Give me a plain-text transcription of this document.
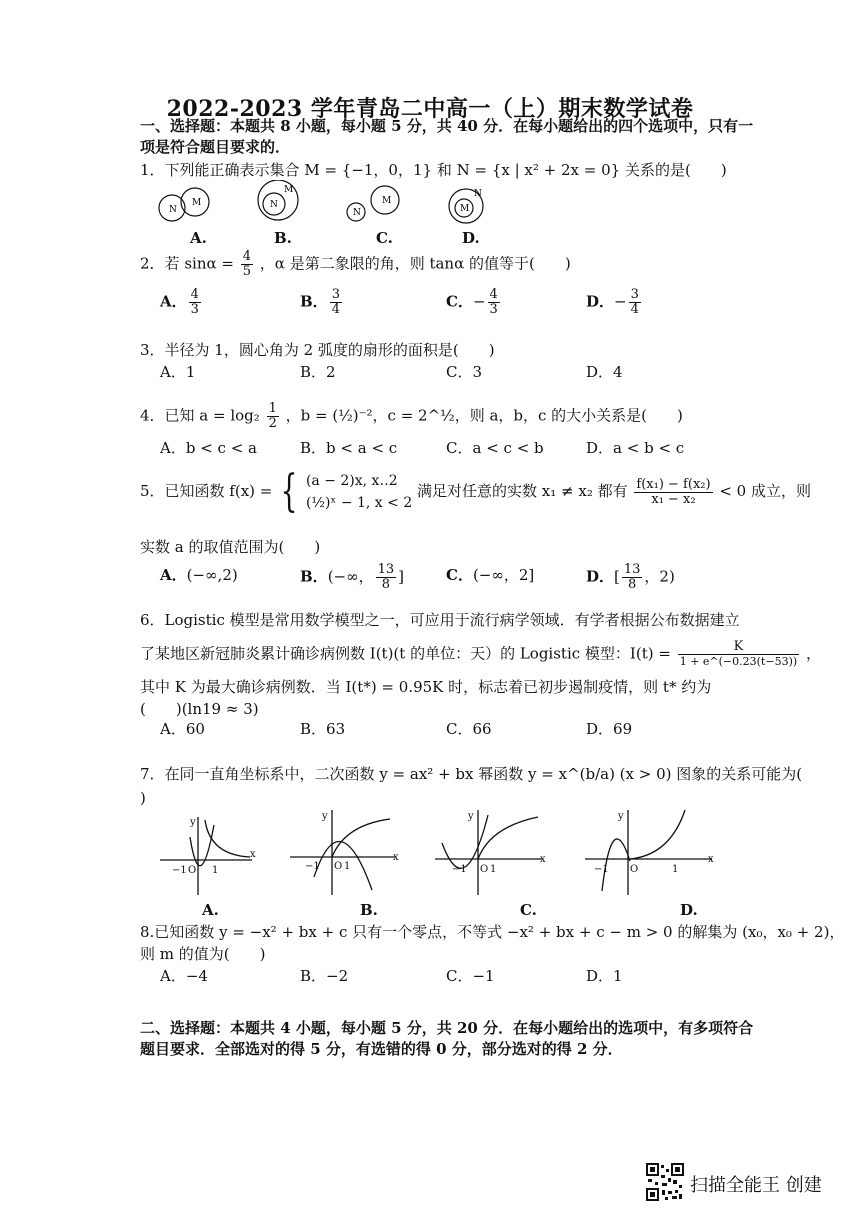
2022-2023 学年青岛二中高一（上）期末数学试卷
一、选择题：本题共 8 小题，每小题 5 分，共 40 分．在每小题给出的四个选项中，只有一
项是符合题目要求的．
1．下列能正确表示集合 M = {−1，0，1} 和 N = {x | x² + 2x = 0} 关系的是(　　)
N
M	N
M
N
M
M
N
A.	B.	C.	D.
2．若 $\sin\alpha = \frac{4}{5}$ ，α 是第二象限的角，则 tanα 的值等于(　　)
A． $\frac{4}{3}$	B． $\frac{3}{4}$	C．− $\frac{4}{3}$	D．− $\frac{3}{4}$
3．半径为 1，圆心角为 2 弧度的扇形的面积是(　　)
A．1	B．2	C．3	D．4
4．已知 $a = \log_2 \frac{1}{2}$ ，b = (½)⁻²，c = 2^½，则 a，b，c 的大小关系是(　　)
A．b < c < a	B．b < a < c	C．a < c < b	D．a < b < c
5．已知函数 f(x) = { (a − 2)x, x‥2
(½)ˣ − 1, x < 2
满足对任意的实数 x₁ ≠ x₂ 都有 $\frac{\text{f(x₁) − f(x₂)}}{\text{x₁ − x₂}} < 0$ 成立，则
实数 a 的取值范围为(　　)
A．(−∞,2)	B．(−∞， $\frac{13}{8}$ ]	C．(−∞，2]	D．[ $\frac{13}{8}$ ，2)
6．Logistic 模型是常用数学模型之一，可应用于流行病学领域．有学者根据公布数据建立
了某地区新冠肺炎累计确诊病例数 I(t)(t 的单位：天）的 Logistic 模型：$I(t) = \frac{K}{1 + e\^{}(-0.23(t-53))}$ ，
其中 K 为最大确诊病例数．当 I(t*) = 0.95K 时，标志着已初步遏制疫情，则 t* 约为
(　　)(ln19 ≈ 3)
A．60	B．63	C．66	D．69
7．在同一直角坐标系中，二次函数 y = ax² + bx 幂函数 y = x^(b/a) (x > 0) 图象的关系可能为(
)
x
y
−1 O 1
x
y
−1 O 1
x
y
−1 O 1
x
y
−1 O	1
A.	B.	C.	D.
8.已知函数 y = −x² + bx + c 只有一个零点，不等式 −x² + bx + c − m > 0 的解集为 (x₀，x₀ + 2)，
则 m 的值为(　　)
A．−4	B．−2	C．−1	D．1
二、选择题：本题共 4 小题，每小题 5 分，共 20 分．在每小题给出的选项中，有多项符合
题目要求．全部选对的得 5 分，有选错的得 0 分，部分选对的得 2 分．
扫描全能王 创建
